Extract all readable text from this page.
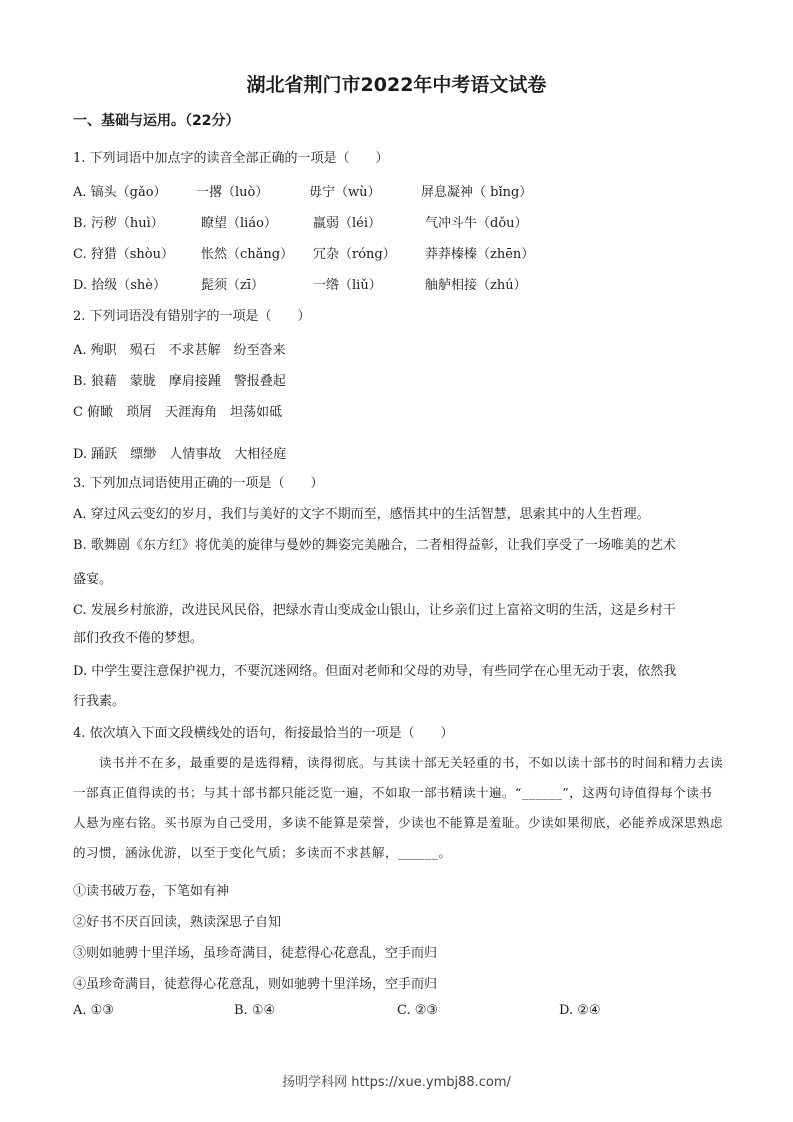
湖北省荆门市2022年中考语文试卷
一、基础与运用。（22分）
1. 下列词语中加点字的读音全部正确的一项是（　　）
A. 镐头（gǎo） 一撂（luò）	毋宁（wù）	屏息凝神（ bǐng）
B. 污秽（huì）	瞭望（liáo）	羸弱（léi）	气冲斗牛（dǒu）
C. 狩猎（shòu） 怅然（chǎng） 冗杂（róng） 莽莽榛榛（zhēn）
D. 拾级（shè）	髭须（zī）	一绺（liǔ）	舳舻相接（zhú）
2. 下列词语没有错别字的一项是（　　）
A. 殉职　殒石　不求甚解　纷至沓来
B. 狼藉　蒙胧　摩肩接踵　警报叠起
C 俯瞰　琐屑　天涯海角　坦荡如砥
D. 踊跃　缥缈　人情事故　大相径庭
3. 下列加点词语使用正确的一项是（　　）
A. 穿过风云变幻的岁月，我们与美好的文字不期而至，感悟其中的生活智慧，思索其中的人生哲理。
B. 歌舞剧《东方红》将优美的旋律与曼妙的舞姿完美融合，二者相得益彰，让我们享受了一场唯美的艺术
盛宴。
C. 发展乡村旅游，改进民风民俗，把绿水青山变成金山银山，让乡亲们过上富裕文明的生活，这是乡村干
部们孜孜不倦的梦想。
D. 中学生要注意保护视力，不要沉迷网络。但面对老师和父母的劝导，有些同学在心里无动于衷，依然我
行我素。
4. 依次填入下面文段横线处的语句，衔接最恰当的一项是（　　）
读书并不在多，最重要的是选得精，读得彻底。与其读十部无关轻重的书，不如以读十部书的时间和精力去读一部真正值得读的书；与其十部书都只能泛览一遍，不如取一部书精读十遍。“______”，这两句诗值得每个读书人悬为座右铭。买书原为自己受用，多读不能算是荣誉，少读也不能算是羞耻。少读如果彻底，必能养成深思熟虑的习惯，涵泳优游，以至于变化气质；多读而不求甚解，______。
①读书破万卷，下笔如有神
②好书不厌百回读，熟读深思子自知
③则如驰骋十里洋场，虽珍奇满目，徒惹得心花意乱，空手而归
④虽珍奇满目，徒惹得心花意乱，则如驰骋十里洋场，空手而归
A. ①③	B. ①④	C. ②③	D. ②④
扬明学科网 https://xue.ymbj88.com/
